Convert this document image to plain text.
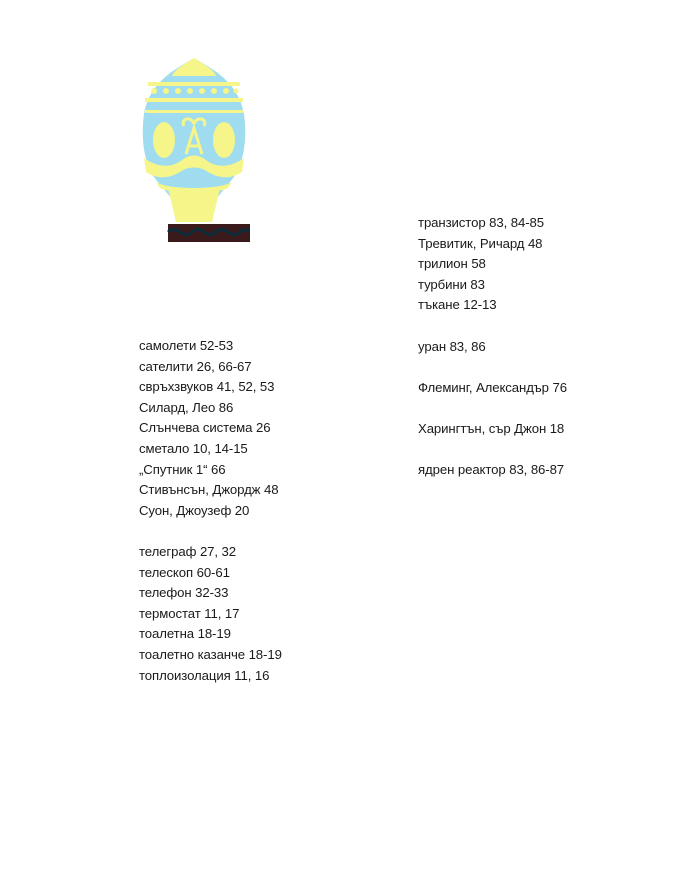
самолети 52-53
сателити 26, 66-67
свръхзвуков 41, 52, 53
Силард, Лео 86
Слънчева система 26
сметало 10, 14-15
„Спутник 1“ 66
Стивънсън, Джордж 48
Суон, Джоузеф 20
телеграф 27, 32
телескоп 60-61
телефон 32-33
термостат 11, 17
тоалетна 18-19
тоалетно казанче 18-19
топлоизолация 11, 16
транзистор 83, 84-85
Тревитик, Ричард 48
трилион 58
турбини 83
тъкане 12-13
уран 83, 86
Флеминг, Александър 76
Харингтън, сър Джон 18
ядрен реактор 83, 86-87
